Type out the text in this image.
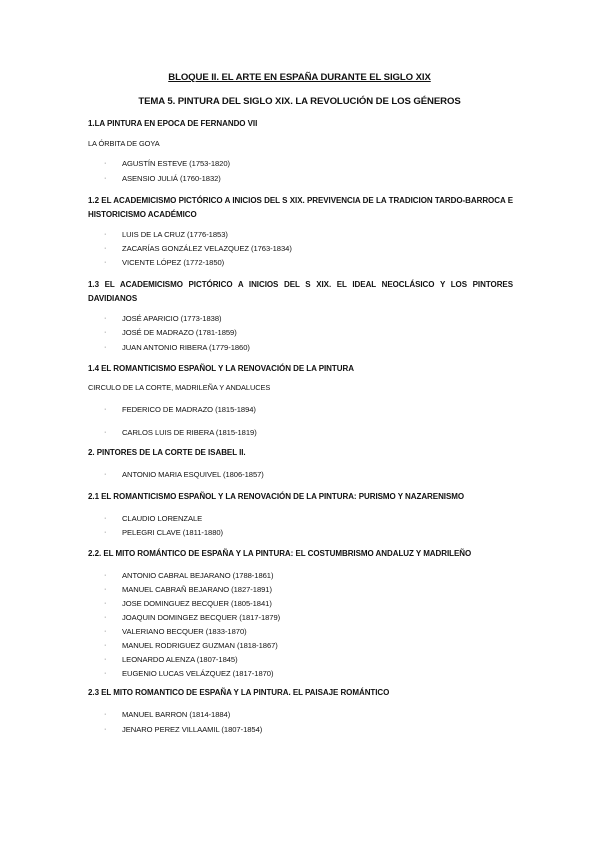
BLOQUE II. EL ARTE EN ESPAÑA DURANTE EL SIGLO XIX
TEMA 5. PINTURA DEL SIGLO XIX. LA REVOLUCIÓN DE LOS GÉNEROS
1.LA PINTURA EN EPOCA DE FERNANDO VII
LA ÓRBITA DE GOYA
· AGUSTÍN ESTEVE (1753-1820)
· ASENSIO JULIÁ (1760-1832)
1.2 EL ACADEMICISMO PICTÓRICO A INICIOS DEL S XIX. PREVIVENCIA DE LA TRADICION TARDO-BARROCA E HISTORICISMO ACADÉMICO
· LUIS DE LA CRUZ (1776-1853)
· ZACARÍAS GONZÁLEZ VELAZQUEZ (1763-1834)
· VICENTE LÓPEZ (1772-1850)
1.3 EL ACADEMICISMO PICTÓRICO A INICIOS DEL S XIX. EL IDEAL NEOCLÁSICO Y LOS PINTORES DAVIDIANOS
· JOSÉ APARICIO (1773-1838)
· JOSÉ DE MADRAZO (1781-1859)
· JUAN ANTONIO RIBERA (1779-1860)
1.4 EL ROMANTICISMO ESPAÑOL Y LA RENOVACIÓN DE LA PINTURA
CIRCULO DE LA CORTE, MADRILEÑA Y ANDALUCES
· FEDERICO DE MADRAZO (1815-1894)
· CARLOS LUIS DE RIBERA (1815-1819)
2. PINTORES DE LA CORTE DE ISABEL II.
· ANTONIO MARIA ESQUIVEL (1806-1857)
2.1 EL ROMANTICISMO ESPAÑOL Y LA RENOVACIÓN DE LA PINTURA: PURISMO Y NAZARENISMO
· CLAUDIO LORENZALE
· PELEGRI CLAVE (1811-1880)
2.2. EL MITO ROMÁNTICO DE ESPAÑA Y LA PINTURA: EL COSTUMBRISMO ANDALUZ Y MADRILEÑO
· ANTONIO CABRAL BEJARANO (1788-1861)
· MANUEL CABRAÑ BEJARANO (1827-1891)
· JOSE DOMINGUEZ BECQUER (1805-1841)
· JOAQUIN DOMINGEZ BECQUER (1817-1879)
· VALERIANO BECQUER (1833-1870)
· MANUEL RODRIGUEZ GUZMAN (1818-1867)
· LEONARDO ALENZA (1807-1845)
· EUGENIO LUCAS VELÁZQUEZ (1817-1870)
2.3 EL MITO ROMANTICO DE ESPAÑA Y LA PINTURA. EL PAISAJE ROMÁNTICO
· MANUEL BARRON (1814-1884)
· JENARO PEREZ VILLAAMIL (1807-1854)
